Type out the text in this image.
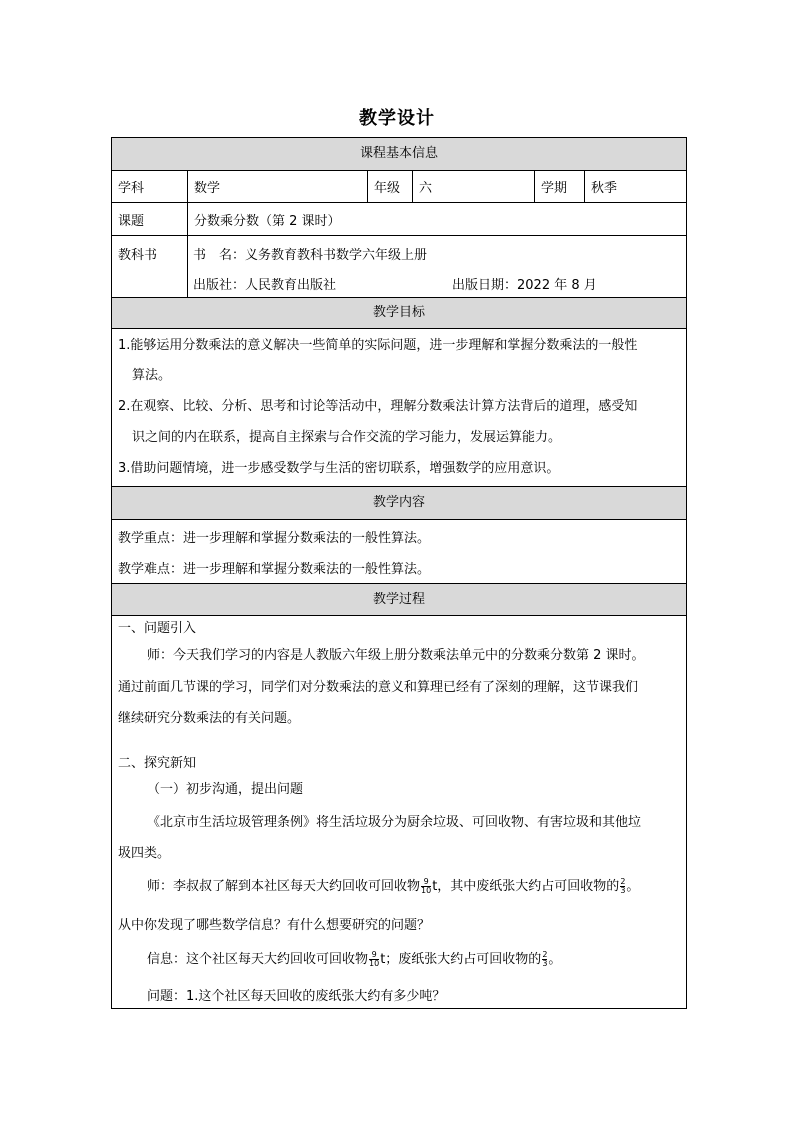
教学设计
课程基本信息
学科	数学	年级	六	学期	秋季
课题	分数乘分数（第 2 课时）
教科书	书　名：义务教育教科书数学六年级上册
出版社：人民教育出版社	出版日期：2022 年 8 月
教学目标
1.能够运用分数乘法的意义解决一些简单的实际问题，进一步理解和掌握分数乘法的一般性
算法。
2.在观察、比较、分析、思考和讨论等活动中，理解分数乘法计算方法背后的道理，感受知
识之间的内在联系，提高自主探索与合作交流的学习能力，发展运算能力。
3.借助问题情境，进一步感受数学与生活的密切联系，增强数学的应用意识。
教学内容
教学重点：进一步理解和掌握分数乘法的一般性算法。
教学难点：进一步理解和掌握分数乘法的一般性算法。
教学过程
一、问题引入
师：今天我们学习的内容是人教版六年级上册分数乘法单元中的分数乘分数第 2 课时。
通过前面几节课的学习，同学们对分数乘法的意义和算理已经有了深刻的理解，这节课我们
继续研究分数乘法的有关问题。
二、探究新知
（一）初步沟通，提出问题
《北京市生活垃圾管理条例》将生活垃圾分为厨余垃圾、可回收物、有害垃圾和其他垃
圾四类。
师：李叔叔了解到本社区每天大约回收可回收物 $\frac{9}{10}$ t，其中废纸张大约占可回收物的 $\frac{2}{3}$ 。
从中你发现了哪些数学信息？有什么想要研究的问题？
信息：这个社区每天大约回收可回收物 $\frac{9}{10}$ t；废纸张大约占可回收物的 $\frac{2}{3}$ 。
问题：1.这个社区每天回收的废纸张大约有多少吨？
